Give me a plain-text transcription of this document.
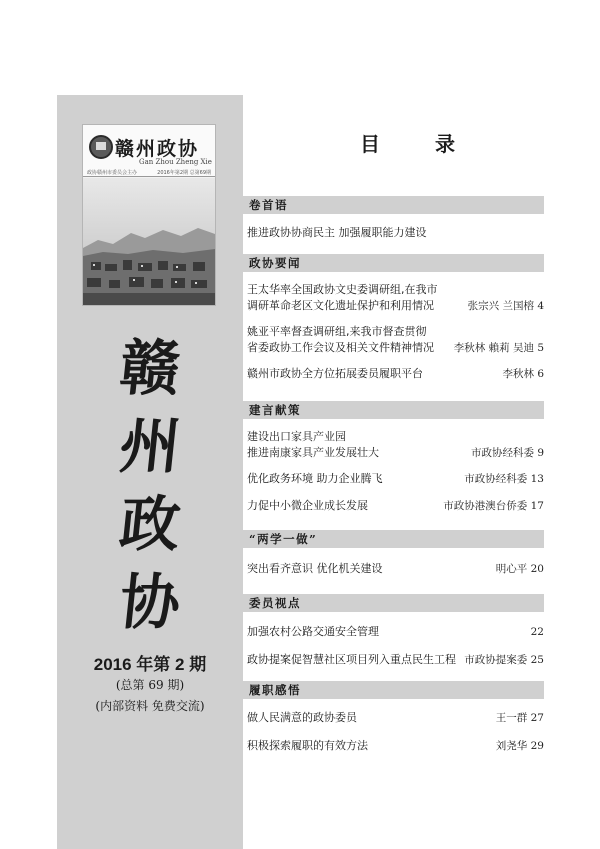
赣州政协
Gan Zhou Zheng Xie
政协赣州市委员会主办	2016年第2期 总第69期
赣
州
政
协
2016 年第 2 期
(总第 69 期)
(内部资料 免费交流)
目 录
卷首语
推进政协协商民主 加强履职能力建设
政协要闻
王太华率全国政协文史委调研组,在我市
调研革命老区文化遗址保护和利用情况	张宗兴 兰国榕 4
姚亚平率督查调研组,来我市督查贯彻
省委政协工作会议及相关文件精神情况	李秋林 賴莉 吴迪 5
赣州市政协全方位拓展委员履职平台	李秋林 6
建言献策
建设出口家具产业园
推进南康家具产业发展壮大	市政协经科委 9
优化政务环境 助力企业腾飞	市政协经科委 13
力促中小微企业成长发展	市政协港澳台侨委 17
“两学一做”
突出看齐意识 优化机关建设	明心平 20
委员视点
加强农村公路交通安全管理	22
政协提案促智慧社区项目列入重点民生工程 市政协提案委 25
履职感悟
做人民满意的政协委员	王一群 27
积极探索履职的有效方法	刘尧华 29
